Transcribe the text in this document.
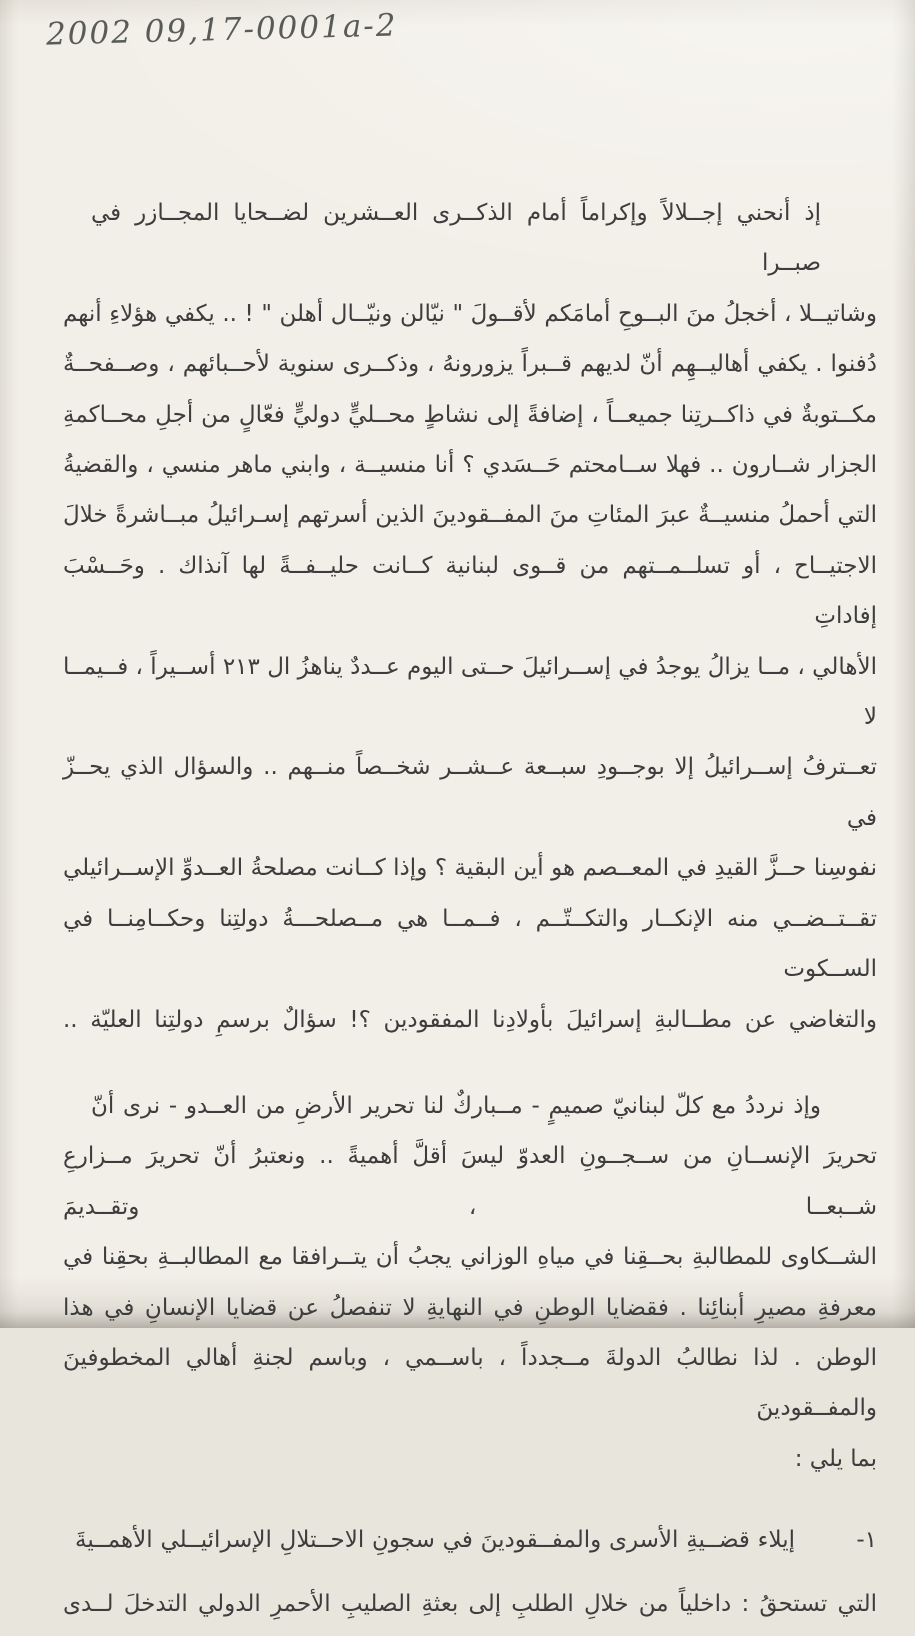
2002 09,17-0001a-2
إذ أنحني إجــلالاً وإكراماً أمام الذكــرى العــشرين لضــحايا المجــازر في صبــرا
وشاتيــلا ، أخجلُ منَ البــوحِ أمامَكم لأقــولَ " نيّالن ونيّــال أهلن " ! .. يكفي هؤلاءِ أنهم
دُفنوا . يكفي أهاليــهِم أنّ لديهم قــبراً يزورونهُ ، وذكــرى سنوية لأحــبائهم ، وصــفحــةٌ
مكــتوبةٌ في ذاكــرتِنا جميعــاً ، إضافةً إلى نشاطٍ محــليٍّ دوليٍّ فعّالٍ من أجلِ محــاكمةِ
الجزار شــارون .. فهلا ســامحتم حَــسَدي ؟ أنا منسيــة ، وابني ماهر منسي ، والقضيةُ
التي أحملُ منسيــةٌ عبرَ المئاتِ منَ المفــقودينَ الذين أسرتهم إسـرائيلُ مبــاشرةً خلالَ
الاجتيــاح ، أو تسلــمــتهم من قــوى لبنانية كــانت حليــفــةً لها آنذاك . وحَــسْبَ إفاداتِ
الأهالي ، مــا يزالُ يوجدُ في إســرائيلَ حــتى اليوم عــددٌ يناهزُ ال ٢١٣ أســيراً ، فــيمــا لا
تعــترفُ إســرائيلُ إلا بوجــودِ سبــعة عــشــر شخــصاً منــهم .. والسؤال الذي يحــزّ في
نفوسِنا حــزَّ القيدِ في المعــصم هو أين البقية ؟ وإذا كــانت مصلحةُ العــدوِّ الإســرائيلي
تقــتــضــي منه الإنكــار والتكــتّــم ، فــمــا هي مــصلحـــةُ دولتِنا وحكــامِنــا في الســكوت
والتغاضي عن مطــالبةِ إسرائيلَ بأولادِنا المفقودين ؟! سؤالٌ برسمِ دولتِنا العليّة ..
وإذ نرددُ مع كلّ لبنانيّ صميمٍ - مــباركٌ لنا تحرير الأرضِ من العــدو - نرى أنّ
تحريرَ الإنســانِ من ســجــونِ العدوّ ليسَ أقلَّ أهميةً .. ونعتبرُ أنّ تحريرَ مــزارعِ شــبعــا ، وتقــديمَ
الشــكاوى للمطالبةِ بحــقِنا في مياهِ الوزاني يجبُ أن يتــرافقا مع المطالبــةِ بحقِنا في
معرفةِ مصيرِ أبنائِنا . فقضايا الوطنِ في النهايةِ لا تنفصلُ عن قضايا الإنسانِ في هذا
الوطن . لذا نطالبُ الدولةَ مــجدداً ، باســمي ، وباسم لجنةِ أهالي المخطوفينَ والمفــقودينَ
بما يلي :
١-
إيلاء قضــيةِ الأسرى والمفــقودينَ في سجونِ الاحــتلالِ الإسرائيــلي الأهمــيةَ
التي تستحقُ : داخلياً من خلالِ الطلبِ إلى بعثةِ الصليبِ الأحمرِ الدولي التدخلَ لــدى
